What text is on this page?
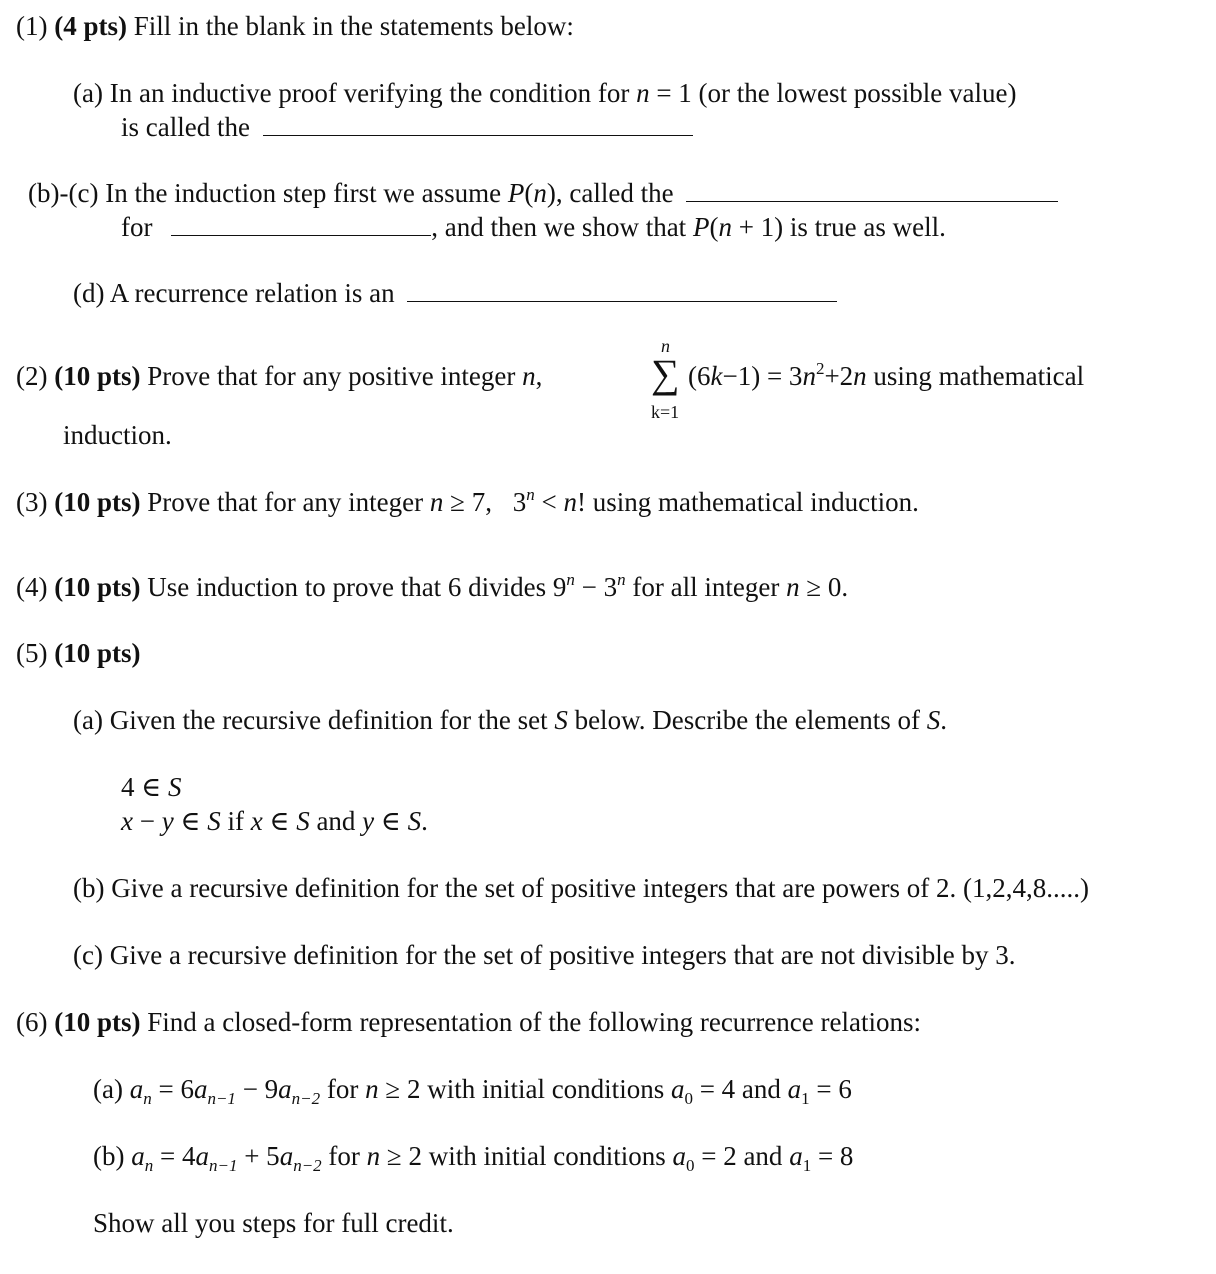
(1) (4 pts) Fill in the blank in the statements below:
(a) In an inductive proof verifying the condition for n = 1 (or the lowest possible value)
is called the
(b)-(c) In the induction step first we assume P(n), called the
for	, and then we show that P(n + 1) is true as well.
(d) A recurrence relation is an
(2) (10 pts) Prove that for any positive integer n,
n
∑
k=1
$(6k-1) = 3n^2+2n$ using mathematical
induction.
(3) (10 pts) Prove that for any integer n ≥ 7, $3^n < n$! using mathematical induction.
(4) (10 pts) Use induction to prove that 6 divides $9^n - 3^n$ for all integer n ≥ 0.
(5) (10 pts)
(a) Given the recursive definition for the set S below. Describe the elements of S.
4 ∈ S
x − y ∈ S if x ∈ S and y ∈ S.
(b) Give a recursive definition for the set of positive integers that are powers of 2. (1,2,4,8.....)
(c) Give a recursive definition for the set of positive integers that are not divisible by 3.
(6) (10 pts) Find a closed-form representation of the following recurrence relations:
(a) $a_n = 6a_{n-1} - 9a_{n-2}$ for n ≥ 2 with initial conditions $a_0 = 4$ and $a_1 = 6$
(b) $a_n = 4a_{n-1} + 5a_{n-2}$ for n ≥ 2 with initial conditions $a_0 = 2$ and $a_1 = 8$
Show all you steps for full credit.
